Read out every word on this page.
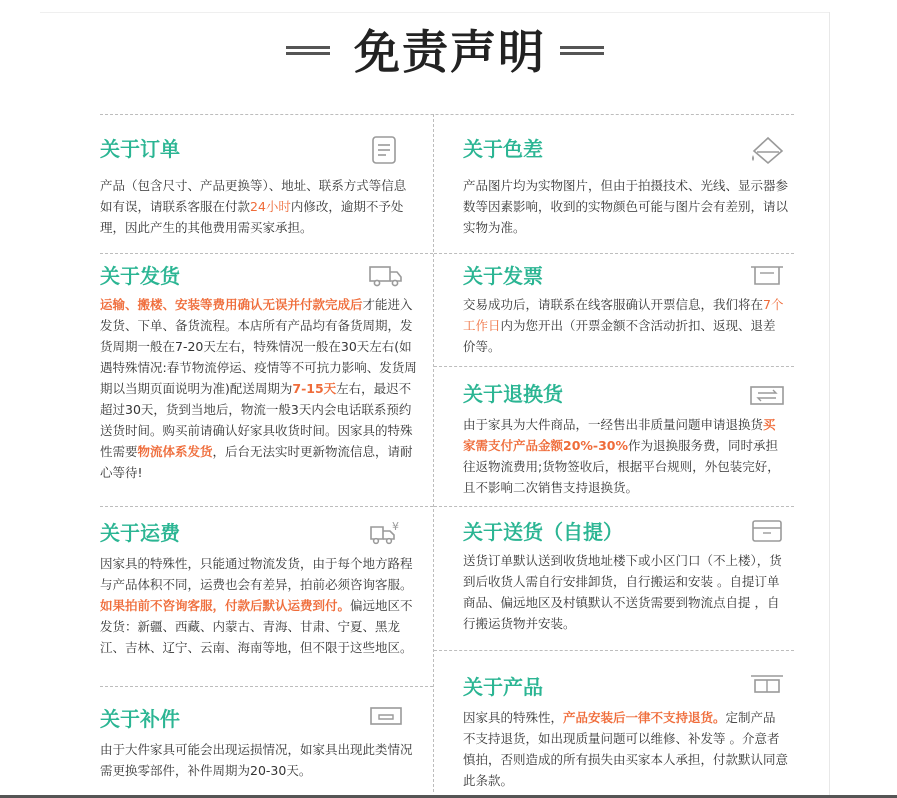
免责声明
关于订单
产品（包含尺寸、产品更换等）、地址、联系方式等信息如有误，请联系客服在付款24小时内修改，逾期不予处理，因此产生的其他费用需买家承担。
关于色差
产品图片均为实物图片，但由于拍摄技术、光线、显示器参数等因素影响，收到的实物颜色可能与图片会有差别，请以实物为准。
关于发货
运输、搬楼、安装等费用确认无误并付款完成后才能进入发货、下单、备货流程。本店所有产品均有备货周期，发货周期一般在7-20天左右，特殊情况一般在30天左右(如遇特殊情况:春节物流停运、疫情等不可抗力影响、发货周期以当期页面说明为准)配送周期为7-15天左右，最迟不超过30天，货到当地后，物流一般3天内会电话联系预约送货时间。购买前请确认好家具收货时间。因家具的特殊性需要物流体系发货，后台无法实时更新物流信息，请耐心等待!
关于发票
交易成功后，请联系在线客服确认开票信息，我们将在7个工作日内为您开出（开票金额不含活动折扣、返现、退差价等。
关于退换货
由于家具为大件商品，一经售出非质量问题申请退换货买家需支付产品金额20%-30%作为退换服务费，同时承担往返物流费用;货物签收后，根据平台规则，外包装完好，且不影响二次销售支持退换货。
关于运费	¥
因家具的特殊性，只能通过物流发货，由于每个地方路程与产品体积不同，运费也会有差异，拍前必须咨询客服。如果拍前不咨询客服，付款后默认运费到付。偏远地区不发货：新疆、西藏、内蒙古、青海、甘肃、宁夏、黑龙江、吉林、辽宁、云南、海南等地，但不限于这些地区。
关于送货（自提）
送货订单默认送到收货地址楼下或小区门口（不上楼），货到后收货人需自行安排卸货，自行搬运和安装 。自提订单商品、偏远地区及村镇默认不送货需要到物流点自提 ，自行搬运货物并安装。
关于补件
由于大件家具可能会出现运损情况，如家具出现此类情况需更换零部件，补件周期为20-30天。
关于产品
因家具的特殊性，产品安装后一律不支持退货。定制产品不支持退货，如出现质量问题可以维修、补发等 。介意者慎拍，否则造成的所有损失由买家本人承担，付款默认同意此条款。
